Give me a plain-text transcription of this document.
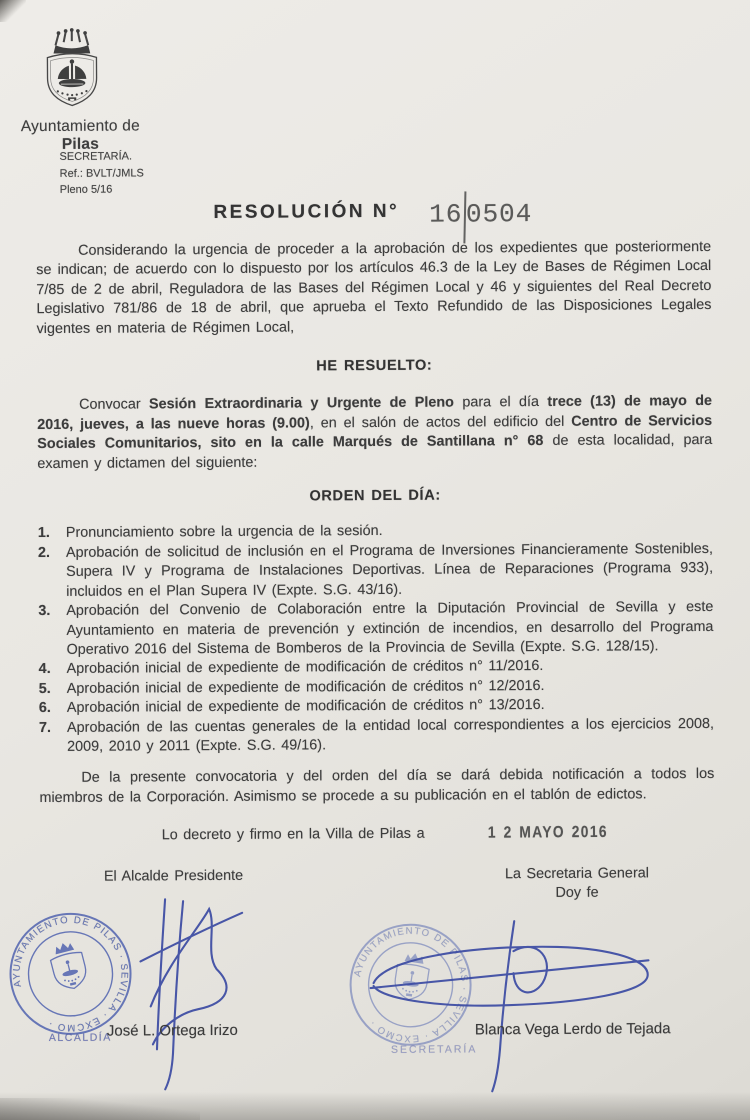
Ayuntamiento de Pilas
SECRETARÍA.
Ref.: BVLT/JMLS
Pleno 5/16
RESOLUCIÓN N° 16 0504

Considerando la urgencia de proceder a la aprobación de los expedientes que posteriormente se indican; de acuerdo con lo dispuesto por los artículos 46.3 de la Ley de Bases de Régimen Local 7/85 de 2 de abril, Reguladora de las Bases del Régimen Local y 46 y siguientes del Real Decreto Legislativo 781/86 de 18 de abril, que aprueba el Texto Refundido de las Disposiciones Legales vigentes en materia de Régimen Local,

HE RESUELTO:

Convocar Sesión Extraordinaria y Urgente de Pleno para el día trece (13) de mayo de 2016, jueves, a las nueve horas (9.00), en el salón de actos del edificio del Centro de Servicios Sociales Comunitarios, sito en la calle Marqués de Santillana n° 68 de esta localidad, para examen y dictamen del siguiente:

ORDEN DEL DÍA:
1. Pronunciamiento sobre la urgencia de la sesión.
2. Aprobación de solicitud de inclusión en el Programa de Inversiones Financieramente Sostenibles, Supera IV y Programa de Instalaciones Deportivas. Línea de Reparaciones (Programa 933), incluidos en el Plan Supera IV (Expte. S.G. 43/16).
3. Aprobación del Convenio de Colaboración entre la Diputación Provincial de Sevilla y este Ayuntamiento en materia de prevención y extinción de incendios, en desarrollo del Programa Operativo 2016 del Sistema de Bomberos de la Provincia de Sevilla (Expte. S.G. 128/15).
4. Aprobación inicial de expediente de modificación de créditos n° 11/2016.
5. Aprobación inicial de expediente de modificación de créditos n° 12/2016.
6. Aprobación inicial de expediente de modificación de créditos n° 13/2016.
7. Aprobación de las cuentas generales de la entidad local correspondientes a los ejercicios 2008, 2009, 2010 y 2011 (Expte. S.G. 49/16).

De la presente convocatoria y del orden del día se dará debida notificación a todos los miembros de la Corporación. Asimismo se procede a su publicación en el tablón de edictos.

Lo decreto y firmo en la Villa de Pilas a	1 2 MAYO 2016

El Alcalde Presidente	La Secretaria General
Doy fe
AYUNTAMIENTO DE PILAS · SEVILLA · EXCMO ·
AYUNTAMIENTO DE PILAS · SEVILLA · EXCMO ·
ALCALDÍA
José L. Ortega Irizo	Blanca Vega Lerdo de Tejada
SECRETARÍA
